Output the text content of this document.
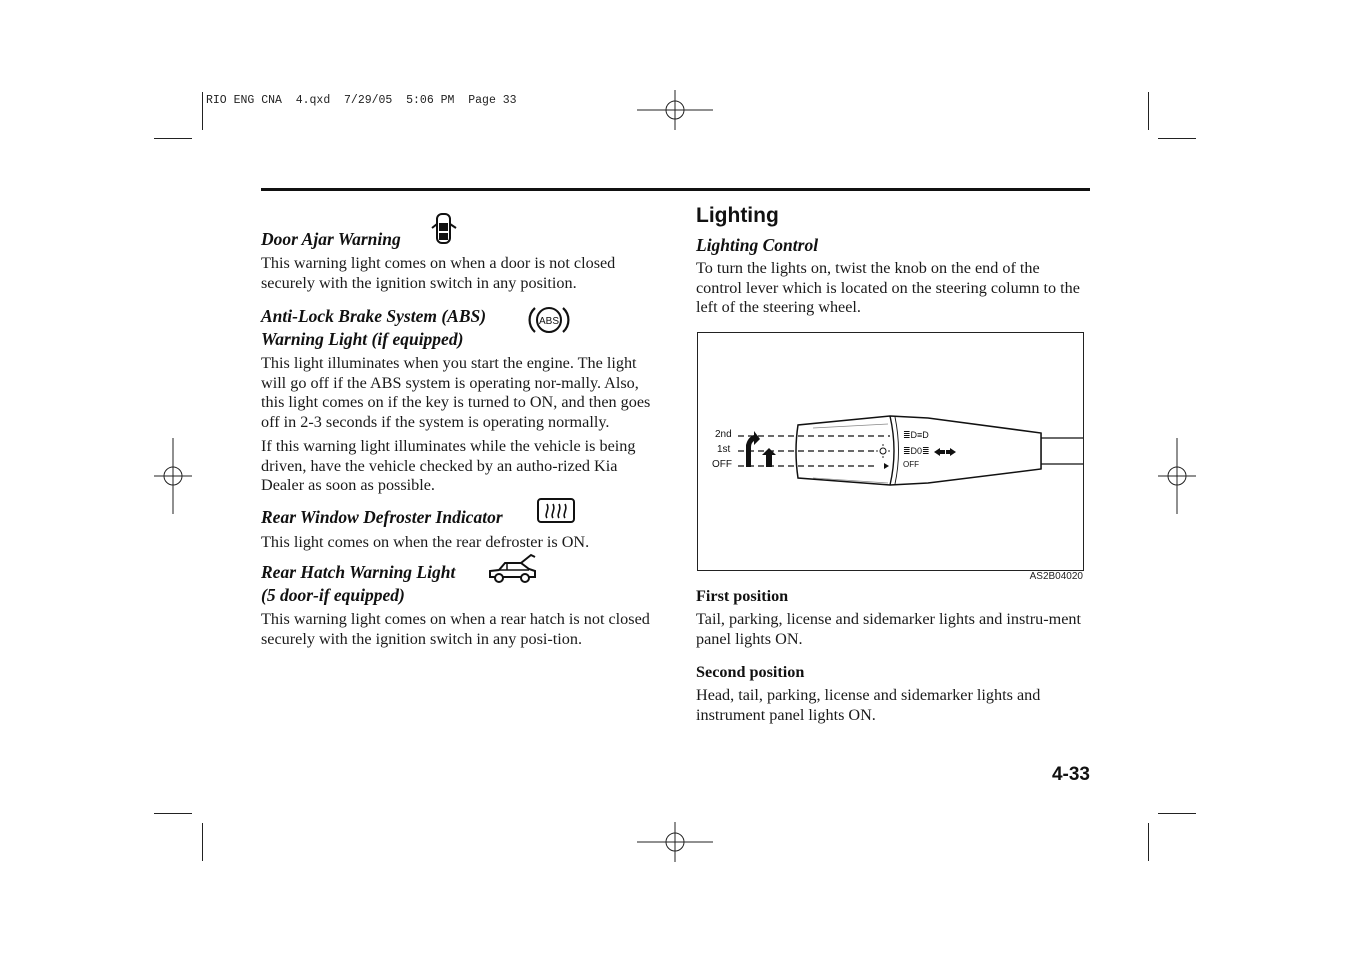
RIO ENG CNA  4.qxd  7/29/05  5:06 PM  Page 33
Door Ajar Warning

This warning light comes on when a door is not closed securely with the ignition switch in any position.

Anti-Lock Brake System (ABS)
Warning Light (if equipped)
ABS

This light illuminates when you start the engine. The light will go off if the ABS system is operating nor-mally. Also, this light comes on if the key is turned to ON, and then goes off in 2-3 seconds if the system is operating normally.

If this warning light illuminates while the vehicle is being driven, have the vehicle checked by an autho-rized Kia Dealer as soon as possible.

Rear Window Defroster Indicator

This light comes on when the rear defroster is ON.

Rear Hatch Warning Light
(5 door-if equipped)

This warning light comes on when a rear hatch is not closed securely with the ignition switch in any posi-tion.

Lighting
Lighting Control

To turn the lights on, twist the knob on the end of the control lever which is located on the steering column to the left of the steering wheel.

≣D≡D
≣D0≣
2nd
1st
OFF	OFF
AS2B04020
First position

Tail, parking, license and sidemarker lights and instru-ment panel lights ON.

Second position

Head, tail, parking, license and sidemarker lights and instrument panel lights ON.

4-33
